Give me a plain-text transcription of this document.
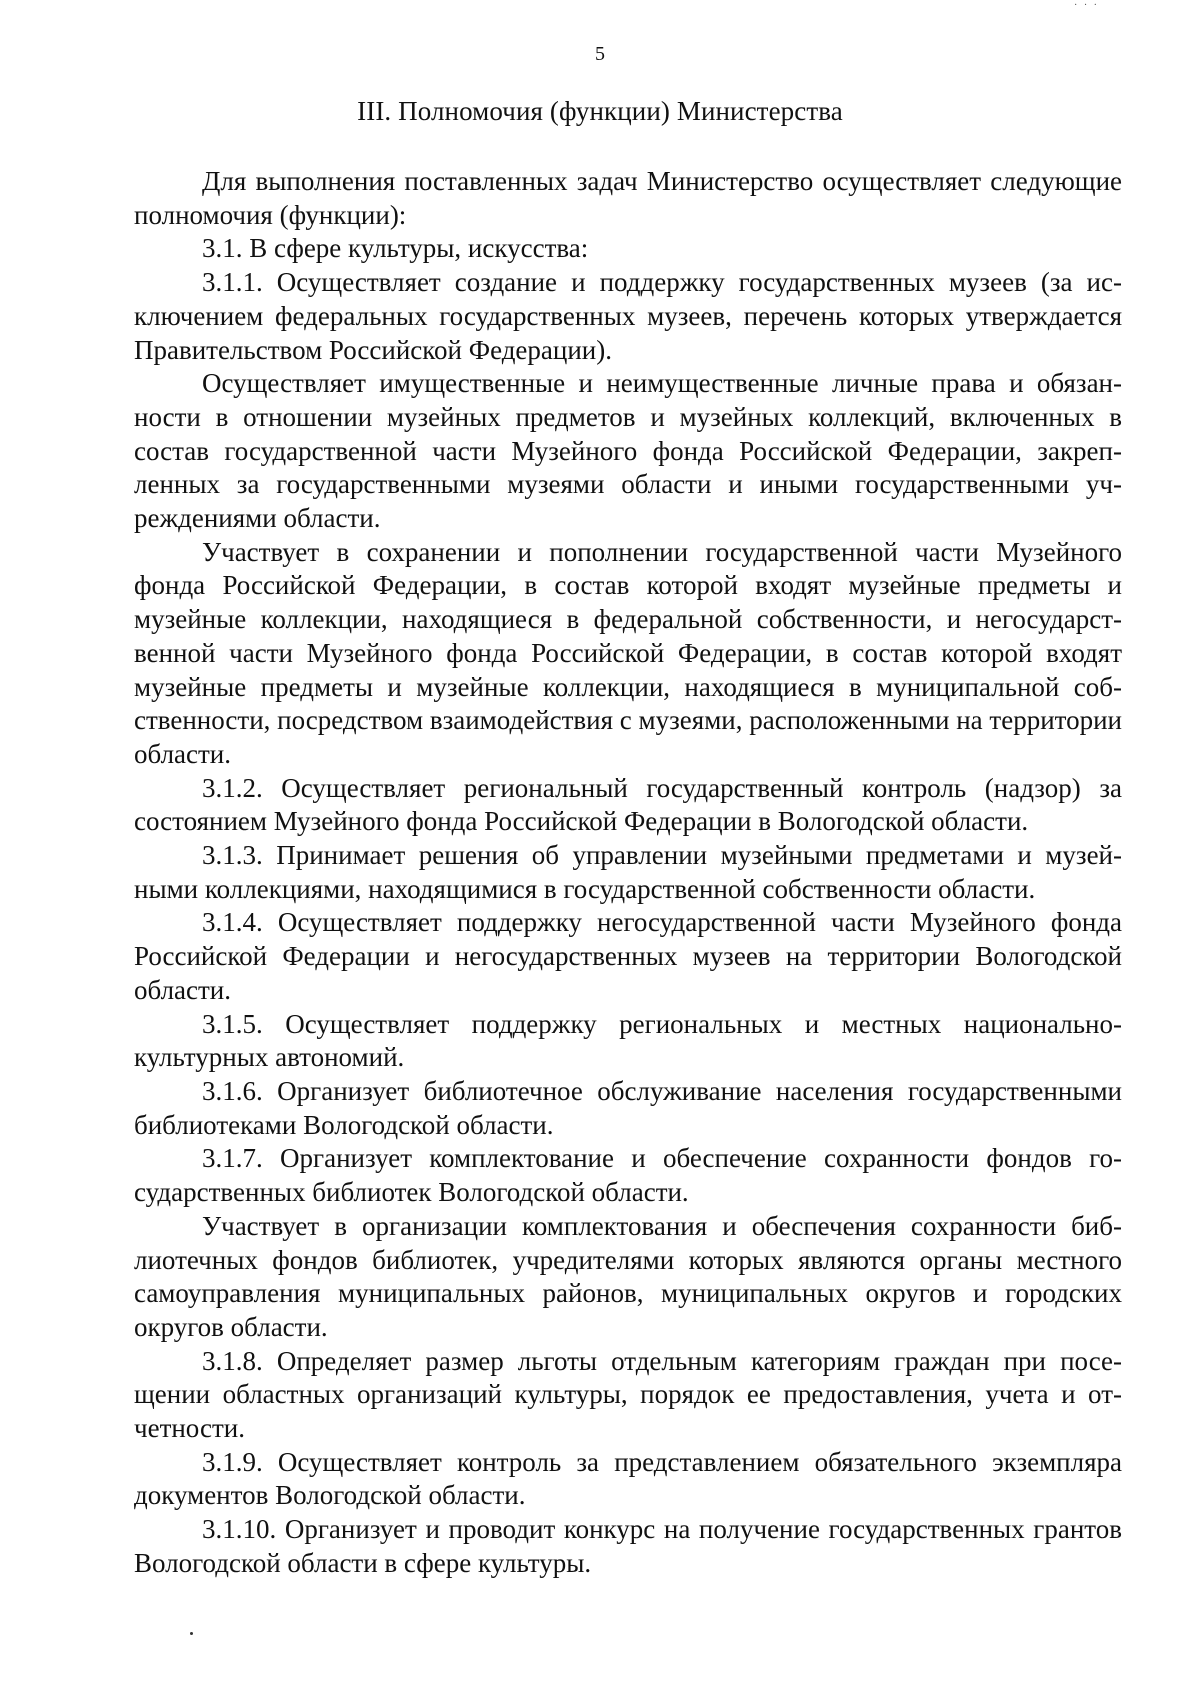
· · ·
5
III. Полномочия (функции) Министерства

Для выполнения поставленных задач Министерство осуществляет следующие полномочия (функции):

3.1. В сфере культуры, искусства:

3.1.1. Осуществляет создание и поддержку государственных музеев (за исключением федеральных государственных музеев, перечень которых утверждается Правительством Российской Федерации).

Осуществляет имущественные и неимущественные личные права и обязанности в отношении музейных предметов и музейных коллекций, включенных в состав государственной части Музейного фонда Российской Федерации, закрепленных за государственными музеями области и иными государственными учреждениями области.

Участвует в сохранении и пополнении государственной части Музейного фонда Российской Федерации, в состав которой входят музейные предметы и музейные коллекции, находящиеся в федеральной собственности, и негосударственной части Музейного фонда Российской Федерации, в состав которой входят музейные предметы и музейные коллекции, находящиеся в муниципальной собственности, посредством взаимодействия с музеями, расположенными на территории области.

3.1.2. Осуществляет региональный государственный контроль (надзор) за состоянием Музейного фонда Российской Федерации в Вологодской области.

3.1.3. Принимает решения об управлении музейными предметами и музейными коллекциями, находящимися в государственной собственности области.

3.1.4. Осуществляет поддержку негосударственной части Музейного фонда Российской Федерации и негосударственных музеев на территории Вологодской области.

3.1.5. Осуществляет поддержку региональных и местных национально-культурных автономий.

3.1.6. Организует библиотечное обслуживание населения государственными библиотеками Вологодской области.

3.1.7. Организует комплектование и обеспечение сохранности фондов государственных библиотек Вологодской области.

Участвует в организации комплектования и обеспечения сохранности библиотечных фондов библиотек, учредителями которых являются органы местного самоуправления муниципальных районов, муниципальных округов и городских округов области.

3.1.8. Определяет размер льготы отдельным категориям граждан при посещении областных организаций культуры, порядок ее предоставления, учета и отчетности.

3.1.9. Осуществляет контроль за представлением обязательного экземпляра документов Вологодской области.

3.1.10. Организует и проводит конкурс на получение государственных грантов Вологодской области в сфере культуры.
